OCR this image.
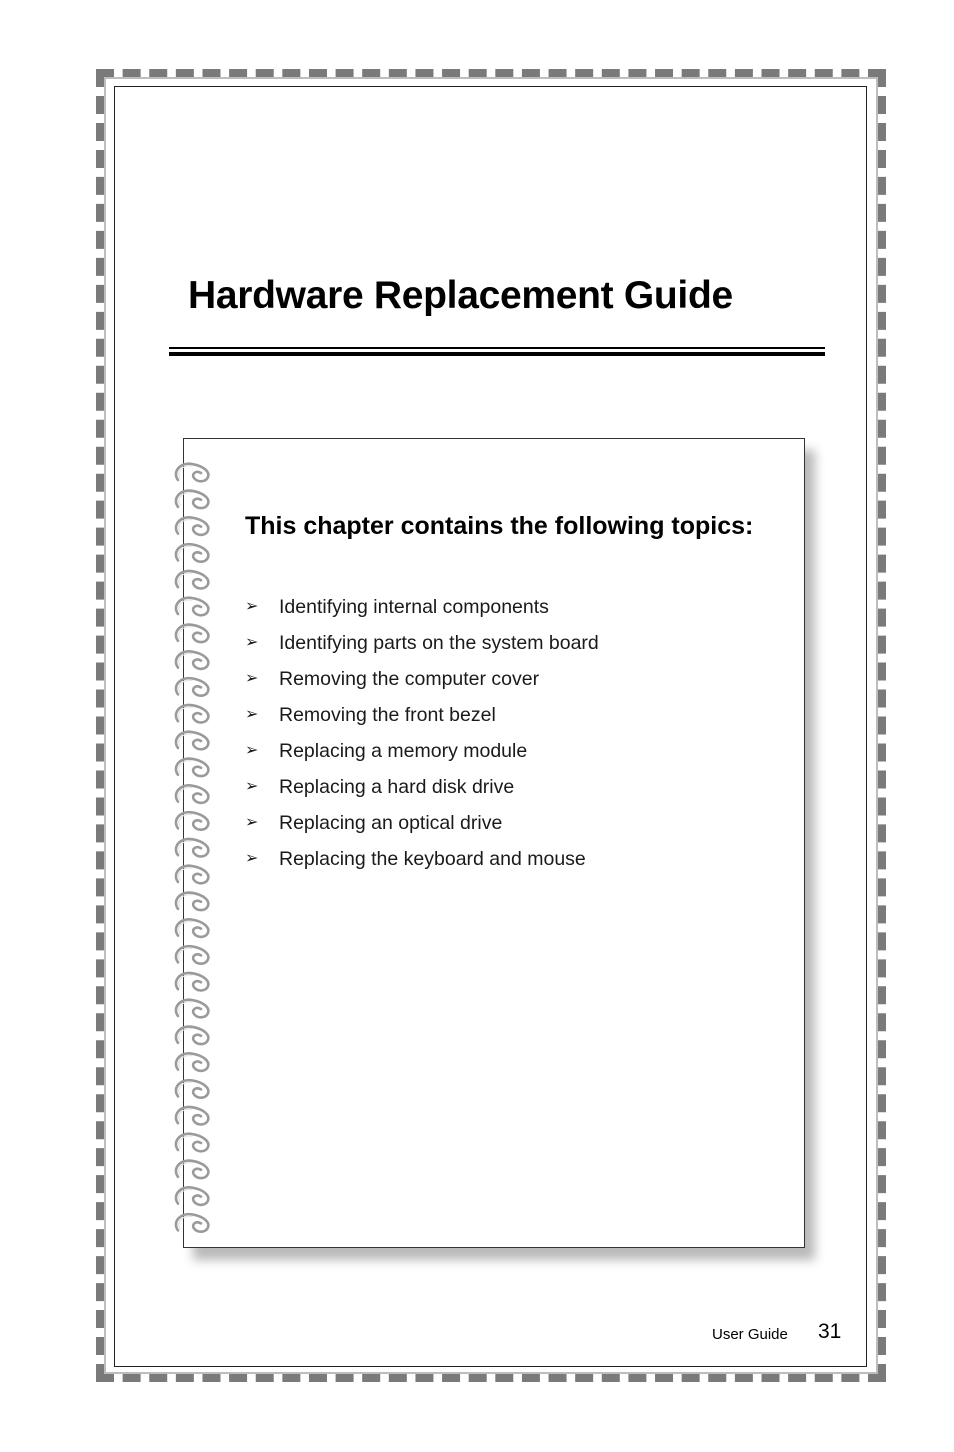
Hardware Replacement Guide
This chapter contains the following topics:
➢ Identifying internal components
➢ Identifying parts on the system board
➢ Removing the computer cover
➢ Removing the front bezel
➢ Replacing a memory module
➢ Replacing a hard disk drive
➢ Replacing an optical drive
➢ Replacing the keyboard and mouse
User Guide 31
